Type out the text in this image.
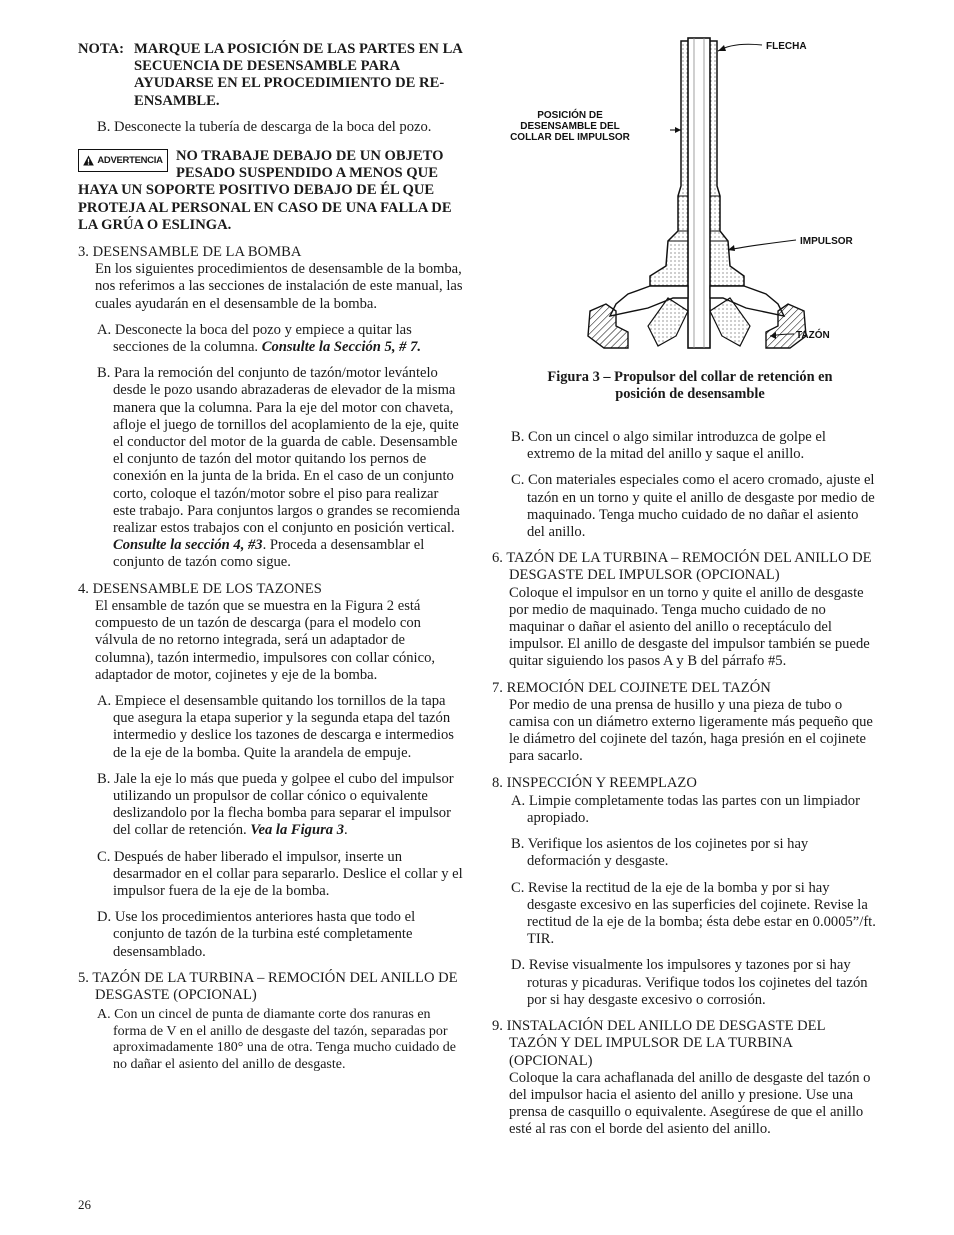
NOTA: MARQUE LA POSICIÓN DE LAS PARTES EN LA SECUENCIA DE DESENSAMBLE PARA AYUDARSE EN EL PROCEDIMIENTO DE RE-ENSAMBLE.

B. Desconecte la tubería de descarga de la boca del pozo.

ADVERTENCIA NO TRABAJE DEBAJO DE UN OBJETO PESADO SUSPENDIDO A MENOS QUE HAYA UN SOPORTE POSITIVO DEBAJO DE ÉL QUE PROTEJA AL PERSONAL EN CASO DE UNA FALLA DE LA GRÚA O ESLINGA.

3. DESENSAMBLE DE LA BOMBA

En los siguientes procedimientos de desensamble de la bomba, nos referimos a las secciones de instalación de este manual, las cuales ayudarán en el desensamble de la bomba.

A. Desconecte la boca del pozo y empiece a quitar las secciones de la columna. Consulte la Sección 5, # 7.

B. Para la remoción del conjunto de tazón/motor levántelo desde le pozo usando abrazaderas de elevador de la misma manera que la columna. Para la eje del motor con chaveta, afloje el juego de tornillos del acoplamiento de la eje, quite el conductor del motor de la guarda de cable. Desensamble el conjunto de tazón del motor quitando los pernos de conexión en la junta de la brida. En el caso de un conjunto corto, coloque el tazón/motor sobre el piso para realizar este trabajo. Para conjuntos largos o grandes se recomienda realizar estos trabajos con el conjunto en posición vertical. Consulte la sección 4, #3. Proceda a desensamblar el conjunto de tazón como sigue.

4. DESENSAMBLE DE LOS TAZONES

El ensamble de tazón que se muestra en la Figura 2 está compuesto de un tazón de descarga (para el modelo con válvula de no retorno integrada, será un adaptador de columna), tazón intermedio, impulsores con collar cónico, adaptador de motor, cojinetes y eje de la bomba.

A. Empiece el desensamble quitando los tornillos de la tapa que asegura la etapa superior y la segunda etapa del tazón intermedio y deslice los tazones de descarga e intermedios de la eje de la bomba. Quite la arandela de empuje.

B. Jale la eje lo más que pueda y golpee el cubo del impulsor utilizando un propulsor de collar cónico o equivalente deslizandolo por la flecha bomba para separar el impulsor del collar de retención. Vea la Figura 3.

C. Después de haber liberado el impulsor, inserte un desarmador en el collar para separarlo. Deslice el collar y el impulsor fuera de la eje de la bomba.

D. Use los procedimientos anteriores hasta que todo el conjunto de tazón de la turbina esté completamente desensamblado.

5. TAZÓN DE LA TURBINA – REMOCIÓN DEL ANILLO DE DESGASTE (OPCIONAL)

A. Con un cincel de punta de diamante corte dos ranuras en forma de V en el anillo de desgaste del tazón, separadas por aproximadamente 180° una de otra. Tenga mucho cuidado de no dañar el asiento del anillo de desgaste.

26
FLECHA
POSICIÓN DE
DESENSAMBLE DEL
COLLAR DEL IMPULSOR
IMPULSOR
TAZÓN
Figura 3 – Propulsor del collar de retención en
posición de desensamble

B. Con un cincel o algo similar introduzca de golpe el extremo de la mitad del anillo y saque el anillo.

C. Con materiales especiales como el acero cromado, ajuste el tazón en un torno y quite el anillo de desgaste por medio de maquinado. Tenga mucho cuidado de no dañar el asiento del anillo.

6. TAZÓN DE LA TURBINA – REMOCIÓN DEL ANILLO DE DESGASTE DEL IMPULSOR (OPCIONAL)

Coloque el impulsor en un torno y quite el anillo de desgaste por medio de maquinado. Tenga mucho cuidado de no maquinar o dañar el asiento del anillo o receptáculo del impulsor. El anillo de desgaste del impulsor también se puede quitar siguiendo los pasos A y B del párrafo #5.

7. REMOCIÓN DEL COJINETE DEL TAZÓN

Por medio de una prensa de husillo y una pieza de tubo o camisa con un diámetro externo ligeramente más pequeño que le diámetro del cojinete del tazón, haga presión en el cojinete para sacarlo.

8. INSPECCIÓN Y REEMPLAZO

A. Limpie completamente todas las partes con un limpiador apropiado.

B. Verifique los asientos de los cojinetes por si hay deformación y desgaste.

C. Revise la rectitud de la eje de la bomba y por si hay desgaste excesivo en las superficies del cojinete. Revise la rectitud de la eje de la bomba; ésta debe estar en 0.0005”/ft. TIR.

D. Revise visualmente los impulsores y tazones por si hay roturas y picaduras. Verifique todos los cojinetes del tazón por si hay desgaste excesivo o corrosión.

9. INSTALACIÓN DEL ANILLO DE DESGASTE DEL TAZÓN Y DEL IMPULSOR DE LA TURBINA (OPCIONAL)

Coloque la cara achaflanada del anillo de desgaste del tazón o del impulsor hacia el asiento del anillo y presione. Use una prensa de casquillo o equivalente. Asegúrese de que el anillo esté al ras con el borde del asiento del anillo.
